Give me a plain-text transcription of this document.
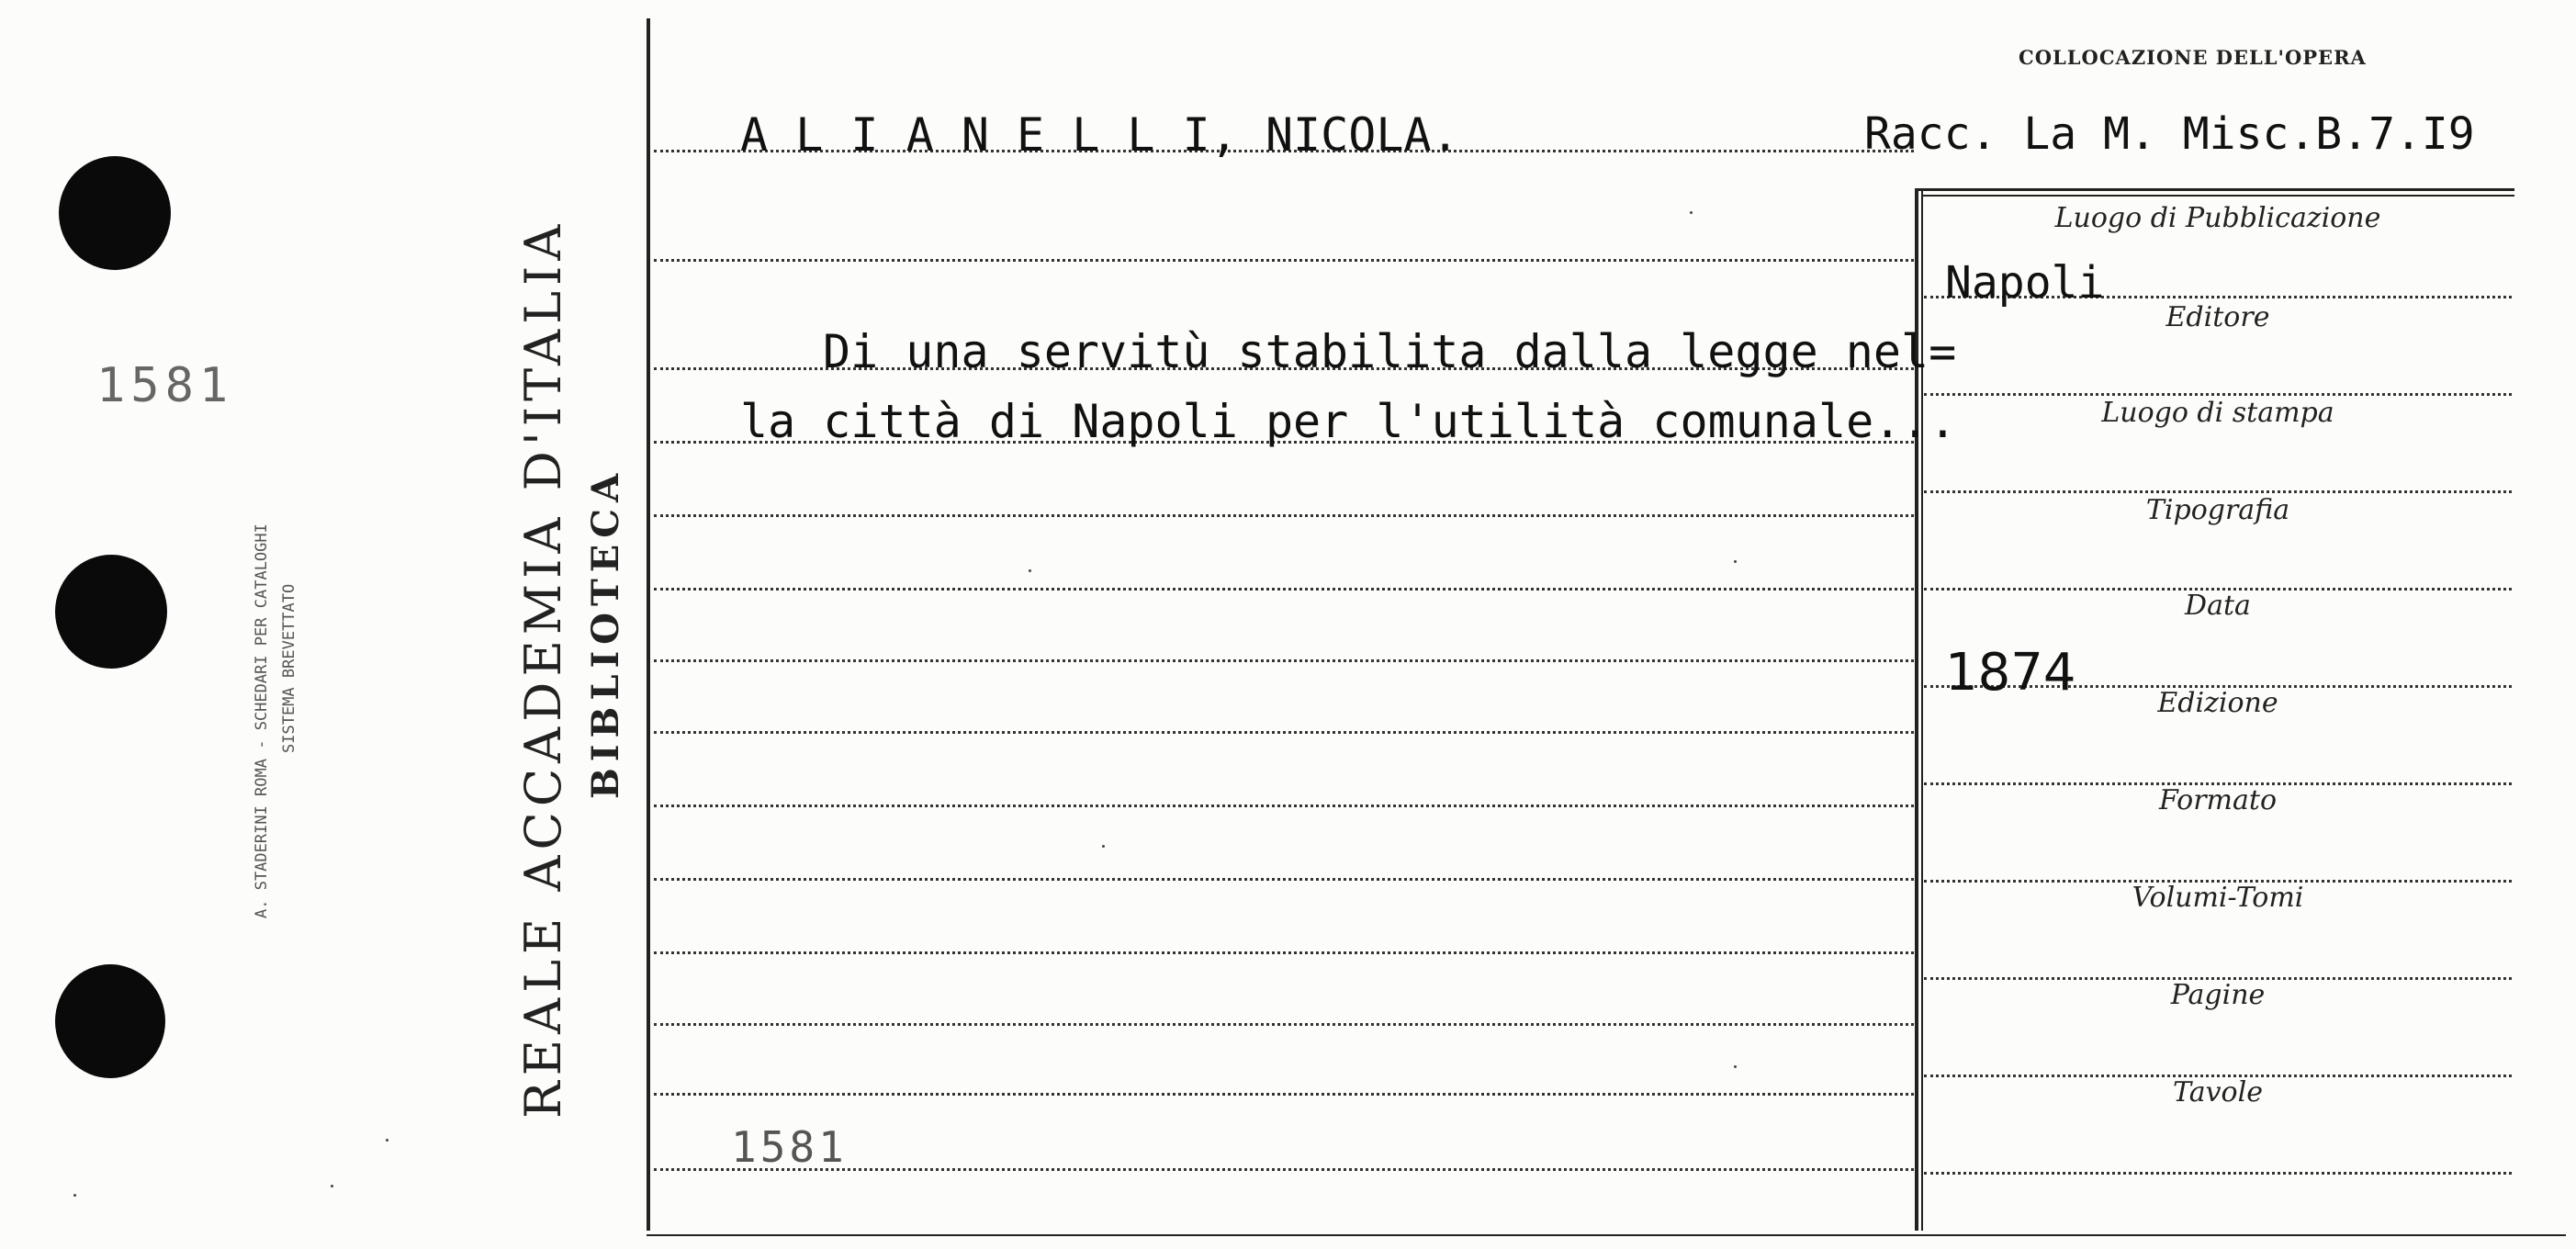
1581
A. STADERINI ROMA - SCHEDARI PER CATALOGHI SISTEMA BREVETTATO	REALE ACCADEMIA D'ITALIA BIBLIOTECA
COLLOCAZIONE DELL'OPERA
A L I A N E L L I, NICOLA.	Racc. La M. Misc.B.7.I9
Di una servitù stabilita dalla legge nel=
la città di Napoli per l'utilità comunale...
1581
Luogo di Pubblicazione
Napoli
Editore
Luogo di stampa
Tipografia
Data
1874
Edizione
Formato
Volumi-Tomi
Pagine
Tavole
